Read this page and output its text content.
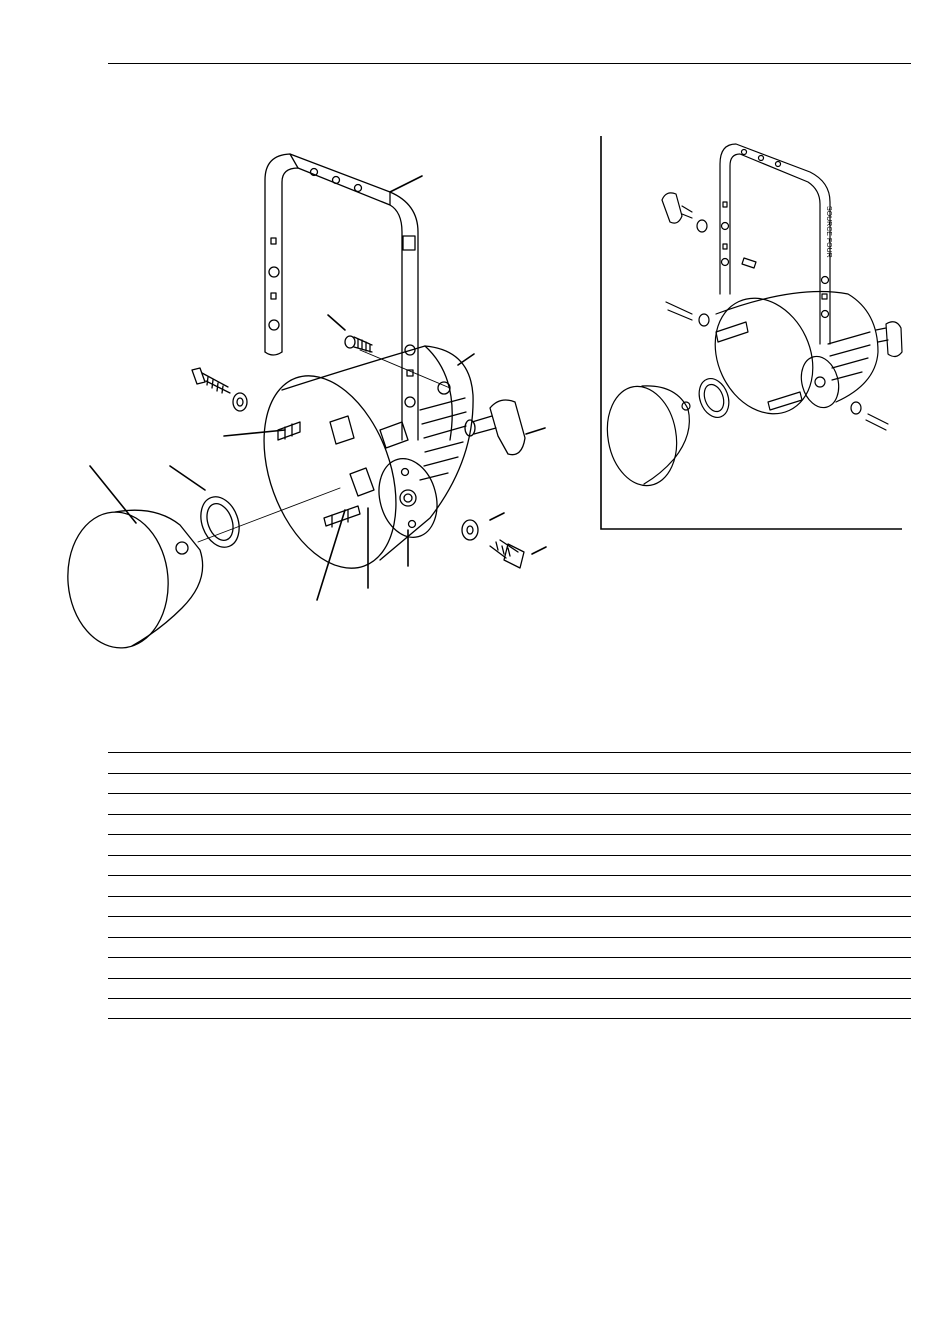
SOURCE FOUR
